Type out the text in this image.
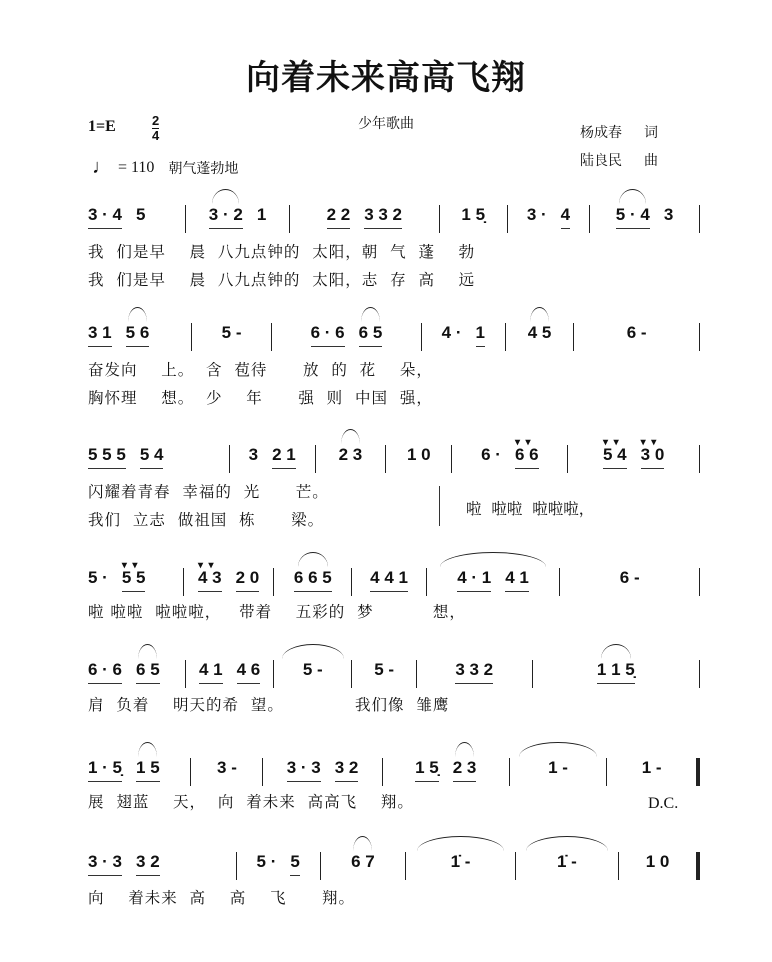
向着未来高高飞翔
少年歌曲
1=E	2
4
♩ = 110 朝气蓬勃地
杨成春 词
陆良民 曲
3 · 4 5	3 · 2 1	2 2 3 3 2	1 5̣ 3 · 4	5 · 4 3
我  们是早    晨  八九点钟的  太阳，朝  气  蓬    勃
我  们是早    晨  八九点钟的  太阳，志  存  高    远
3 1 5 6	5 -	6 · 6 6 5	4 · 1	4 5	6 -
奋发向    上。  含  苞待      放  的  花    朵，
胸怀理    想。  少    年      强  则  中国  强，
5 5 5 5 4	3 2 1	2 3	1 0	6 · ▾  ▾ 6 6	▾  ▾ 5 4 ▾  ▾ 3 0
闪耀着青春  幸福的  光      芒。
我们  立志  做祖国  栋      梁。
啦  啦啦  啦啦啦，
5 · ▾  ▾ 5 5	▾  ▾ 4 3 2 0 6 6 5 4 4 1	4 · 1 4 1	6 -
啦 啦啦  啦啦啦，   带着    五彩的  梦          想，
6 · 6 6 5 4 1 4 6	5 -	5 -	3 3 2	1 1 5̣
肩  负着    明天的希  望。            我们像  雏鹰
1 · 5̣ 1 5	3 -	3 · 3 3 2	1 5̣ 2 3	1 -	1 -
展  翅蓝    天，  向  着未来  高高飞    翔。	D.C.
3 · 3 3 2	5 · 5	6 7	1̇ -	1̇ -	1 0
向    着未来  高    高    飞      翔。
